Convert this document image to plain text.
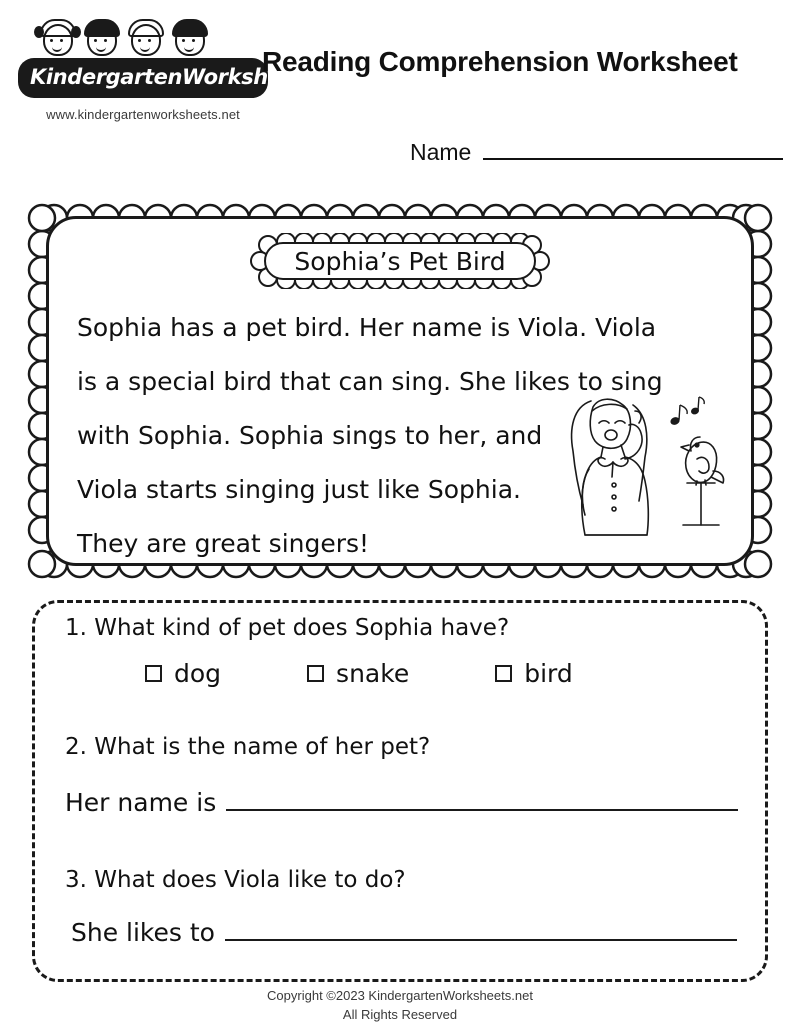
KindergartenWorksheets.net
www.kindergartenworksheets.net
Reading Comprehension Worksheet
Name
Sophia’s Pet Bird
Sophia has a pet bird. Her name is Viola. Viola
is a special bird that can sing. She likes to sing
with Sophia. Sophia sings to her, and
Viola starts singing just like Sophia.
They are great singers!
1. What kind of pet does Sophia have?
dog	snake	bird
2. What is the name of her pet?
Her name is
3. What does Viola like to do?
She likes to
Copyright ©2023 KindergartenWorksheets.net
All Rights Reserved
